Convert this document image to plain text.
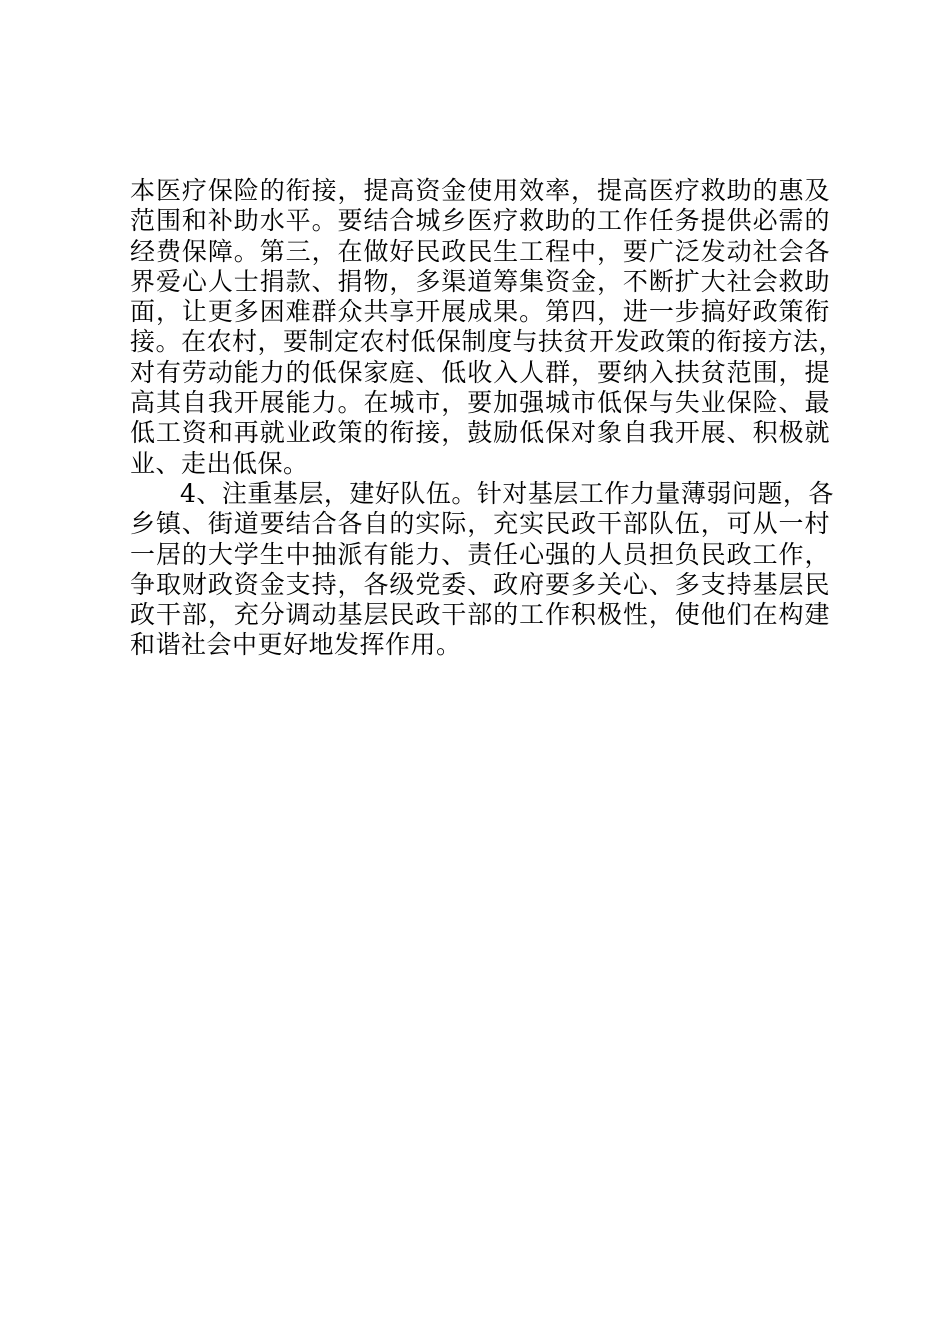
本医疗保险的衔接，提高资金使用效率，提高医疗救助的惠及
范围和补助水平。要结合城乡医疗救助的工作任务提供必需的
经费保障。第三，在做好民政民生工程中，要广泛发动社会各
界爱心人士捐款、捐物，多渠道筹集资金，不断扩大社会救助
面，让更多困难群众共享开展成果。第四，进一步搞好政策衔
接。在农村，要制定农村低保制度与扶贫开发政策的衔接方法，
对有劳动能力的低保家庭、低收入人群，要纳入扶贫范围，提
高其自我开展能力。在城市，要加强城市低保与失业保险、最
低工资和再就业政策的衔接，鼓励低保对象自我开展、积极就
业、走出低保。
4、注重基层，建好队伍。针对基层工作力量薄弱问题，各
乡镇、街道要结合各自的实际，充实民政干部队伍，可从一村
一居的大学生中抽派有能力、责任心强的人员担负民政工作，
争取财政资金支持，各级党委、政府要多关心、多支持基层民
政干部，充分调动基层民政干部的工作积极性，使他们在构建
和谐社会中更好地发挥作用。
